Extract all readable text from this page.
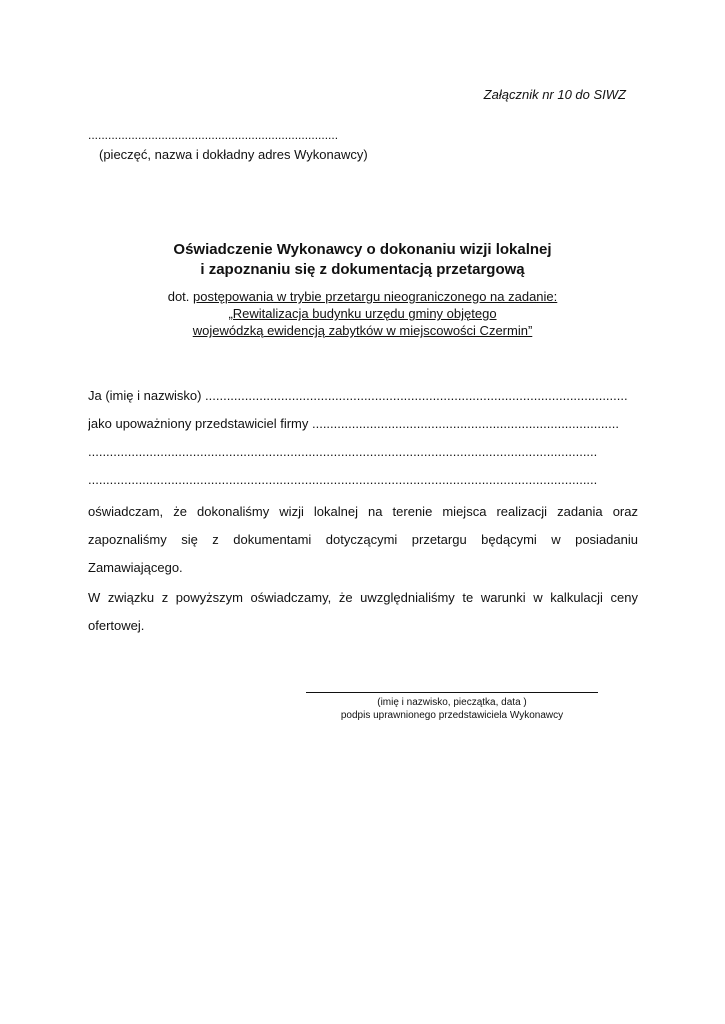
Załącznik nr 10 do SIWZ

...........................................................................

(pieczęć, nazwa i dokładny adres Wykonawcy)

Oświadczenie Wykonawcy o dokonaniu wizji lokalnej

i zapoznaniu się z dokumentacją przetargową

dot. postępowania w trybie przetargu nieograniczonego na zadanie:

„Rewitalizacja budynku urzędu gminy objętego

wojewódzką ewidencją zabytków w miejscowości Czermin”

Ja (imię i nazwisko) .....................................................................................................................

jako upoważniony przedstawiciel firmy .....................................................................................

.............................................................................................................................................

.............................................................................................................................................

oświadczam, że dokonaliśmy wizji lokalnej na terenie miejsca realizacji zadania oraz zapoznaliśmy się z dokumentami dotyczącymi przetargu będącymi w posiadaniu Zamawiającego.

W związku z powyższym oświadczamy, że uwzględnialiśmy te warunki w kalkulacji ceny ofertowej.

(imię i nazwisko, pieczątka, data )

podpis uprawnionego przedstawiciela Wykonawcy
